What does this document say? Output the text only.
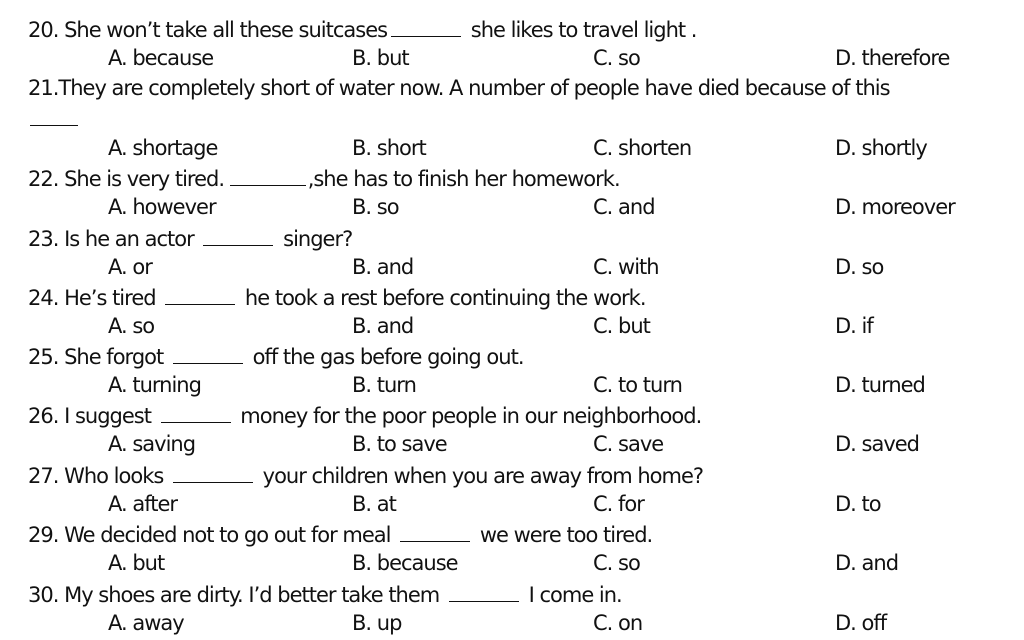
20. She won’t take all these suitcases	she likes to travel light .
A. because	B. but	C. so	D. therefore
21.They are completely short of water now. A number of people have died because of this
A. shortage	B. short	C. shorten	D. shortly
22. She is very tired.	,she has to finish her homework.
A. however	B. so	C. and	D. moreover
23. Is he an actor	singer?
A. or	B. and	C. with	D. so
24. He’s tired	he took a rest before continuing the work.
A. so	B. and	C. but	D. if
25. She forgot	off the gas before going out.
A. turning	B. turn	C. to turn	D. turned
26. I suggest	money for the poor people in our neighborhood.
A. saving	B. to save	C. save	D. saved
27. Who looks	your children when you are away from home?
A. after	B. at	C. for	D. to
29. We decided not to go out for meal	we were too tired.
A. but	B. because	C. so	D. and
30. My shoes are dirty. I’d better take them	I come in.
A. away	B. up	C. on	D. off
